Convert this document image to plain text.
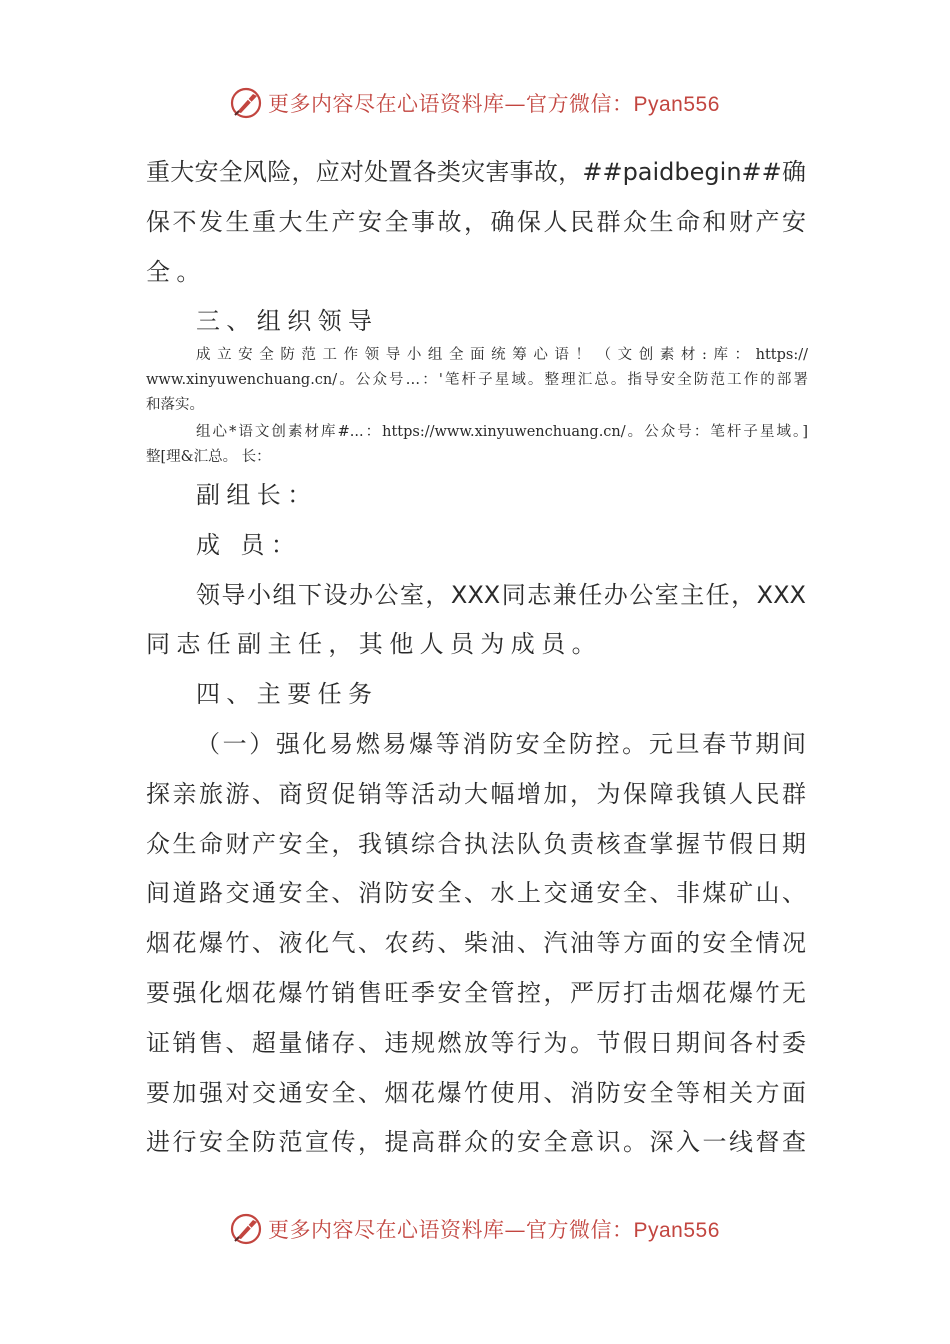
更多内容尽在心语资料库—官方微信：Pyan556
重大安全风险，应对处置各类灾害事故，##paidbegin##确
保不发生重大生产安全事故，确保人民群众生命和财产安
全。
三、组织领导
成立安全防范工作领导小组全面统筹心语！（文创素材:库：https://
www.xinyuwenchuang.cn/。公众号…：'笔杆子星域。整理汇总。指导安全防范工作的部署
和落实。
组心*语文创素材库#...：https://www.xinyuwenchuang.cn/。公众号：笔杆子星域。]
整[理&汇总。 长：
副组长：
成 员：
领导小组下设办公室，XXX同志兼任办公室主任，XXX
同志任副主任，其他人员为成员。
四、主要任务
（一）强化易燃易爆等消防安全防控。元旦春节期间
探亲旅游、商贸促销等活动大幅增加，为保障我镇人民群
众生命财产安全，我镇综合执法队负责核查掌握节假日期
间道路交通安全、消防安全、水上交通安全、非煤矿山、
烟花爆竹、液化气、农药、柴油、汽油等方面的安全情况
要强化烟花爆竹销售旺季安全管控，严厉打击烟花爆竹无
证销售、超量储存、违规燃放等行为。节假日期间各村委
要加强对交通安全、烟花爆竹使用、消防安全等相关方面
进行安全防范宣传，提高群众的安全意识。深入一线督查
更多内容尽在心语资料库—官方微信：Pyan556
